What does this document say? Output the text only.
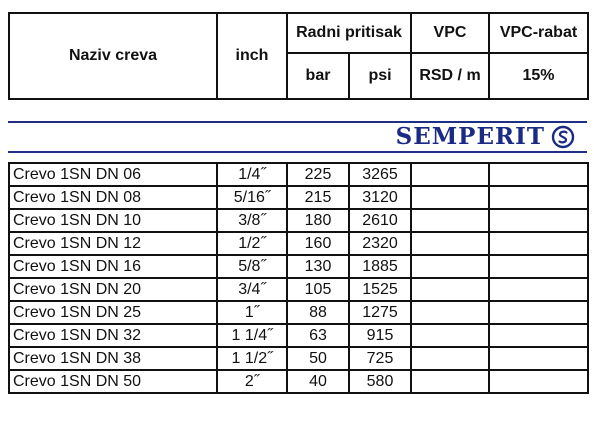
Naziv creva	inch	Radni pritisak		VPC	VPC-rabat
		bar	psi	RSD / m	15%
SEMPERIT
Crevo 1SN DN 06	1/4˝	225	3265		
Crevo 1SN DN 08	5/16˝	215	3120		
Crevo 1SN DN 10	3/8˝	180	2610		
Crevo 1SN DN 12	1/2˝	160	2320		
Crevo 1SN DN 16	5/8˝	130	1885		
Crevo 1SN DN 20	3/4˝	105	1525		
Crevo 1SN DN 25	1˝	88	1275		
Crevo 1SN DN 32	1 1/4˝	63	915		
Crevo 1SN DN 38	1 1/2˝	50	725		
Crevo 1SN DN 50	2˝	40	580		
